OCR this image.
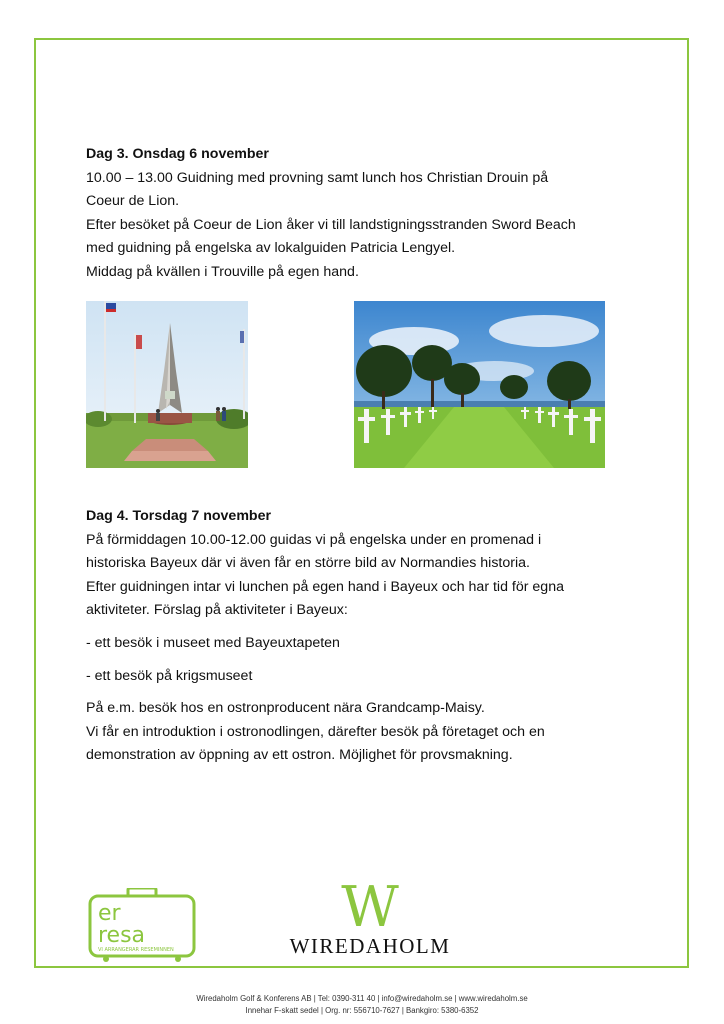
Dag 3. Onsdag 6 november

10.00 – 13.00 Guidning med provning samt lunch hos Christian Drouin på

Coeur de Lion.

Efter besöket på Coeur de Lion åker vi till landstigningsstranden Sword Beach

med guidning på engelska av lokalguiden Patricia Lengyel.

Middag på kvällen i Trouville på egen hand.

Dag 4. Torsdag 7 november

På förmiddagen 10.00-12.00 guidas vi på engelska under en promenad i

historiska Bayeux där vi även får en större bild av Normandies historia.

Efter guidningen intar vi lunchen på egen hand i Bayeux och har tid för egna

aktiviteter. Förslag på aktiviteter i Bayeux:

- ett besök i museet med Bayeuxtapeten

- ett besök på krigsmuseet

På e.m. besök hos en ostronproducent nära Grandcamp-Maisy.

Vi får en introduktion i ostronodlingen, därefter besök på företaget och en

demonstration av öppning av ett ostron. Möjlighet för provsmakning.

er
resa
VI ARRANGERAR RESEMINNEN
W
WIREDAHOLM
Wiredaholm Golf & Konferens AB | Tel: 0390-311 40 | info@wiredaholm.se | www.wiredaholm.se
Innehar F-skatt sedel | Org. nr: 556710-7627 | Bankgiro: 5380-6352
